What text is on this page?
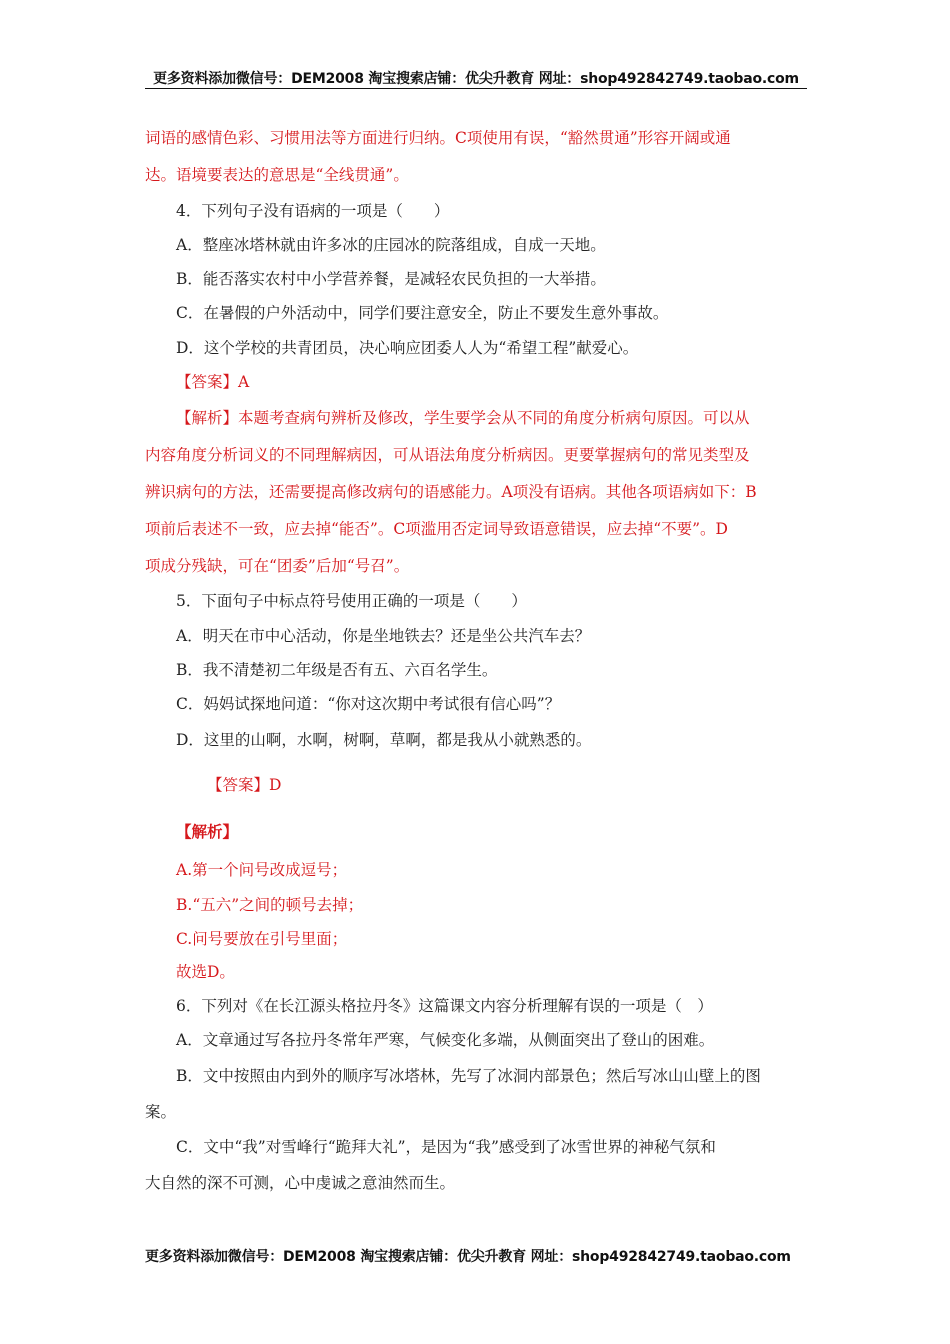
更多资料添加微信号：DEM2008 淘宝搜索店铺：优尖升教育 网址：shop492842749.taobao.com
词语的感情色彩、习惯用法等方面进行归纳。C项使用有误，“豁然贯通”形容开阔或通
达。语境要表达的意思是“全线贯通”。
4．下列句子没有语病的一项是（　　）
A．整座冰塔林就由许多冰的庄园冰的院落组成，自成一天地。
B．能否落实农村中小学营养餐，是减轻农民负担的一大举措。
C．在暑假的户外活动中，同学们要注意安全，防止不要发生意外事故。
D．这个学校的共青团员，决心响应团委人人为“希望工程”献爱心。
【答案】A
【解析】本题考查病句辨析及修改，学生要学会从不同的角度分析病句原因。可以从
内容角度分析词义的不同理解病因，可从语法角度分析病因。更要掌握病句的常见类型及
辨识病句的方法，还需要提高修改病句的语感能力。A项没有语病。其他各项语病如下：B
项前后表述不一致，应去掉“能否”。C项滥用否定词导致语意错误，应去掉“不要”。D
项成分残缺，可在“团委”后加“号召”。
5．下面句子中标点符号使用正确的一项是（　　）
A．明天在市中心活动，你是坐地铁去？还是坐公共汽车去？
B．我不清楚初二年级是否有五、六百名学生。
C．妈妈试探地问道：“你对这次期中考试很有信心吗”？
D．这里的山啊，水啊，树啊，草啊，都是我从小就熟悉的。
【答案】D
【解析】
A.第一个问号改成逗号；
B.“五六”之间的顿号去掉；
C.问号要放在引号里面；
故选D。
6．下列对《在长江源头格拉丹冬》这篇课文内容分析理解有误的一项是（　）
A．文章通过写各拉丹冬常年严寒，气候变化多端，从侧面突出了登山的困难。
B．文中按照由内到外的顺序写冰塔林，先写了冰洞内部景色；然后写冰山山壁上的图
案。
C．文中“我”对雪峰行“跪拜大礼”，是因为“我”感受到了冰雪世界的神秘气氛和
大自然的深不可测，心中虔诚之意油然而生。
更多资料添加微信号：DEM2008 淘宝搜索店铺：优尖升教育 网址：shop492842749.taobao.com
